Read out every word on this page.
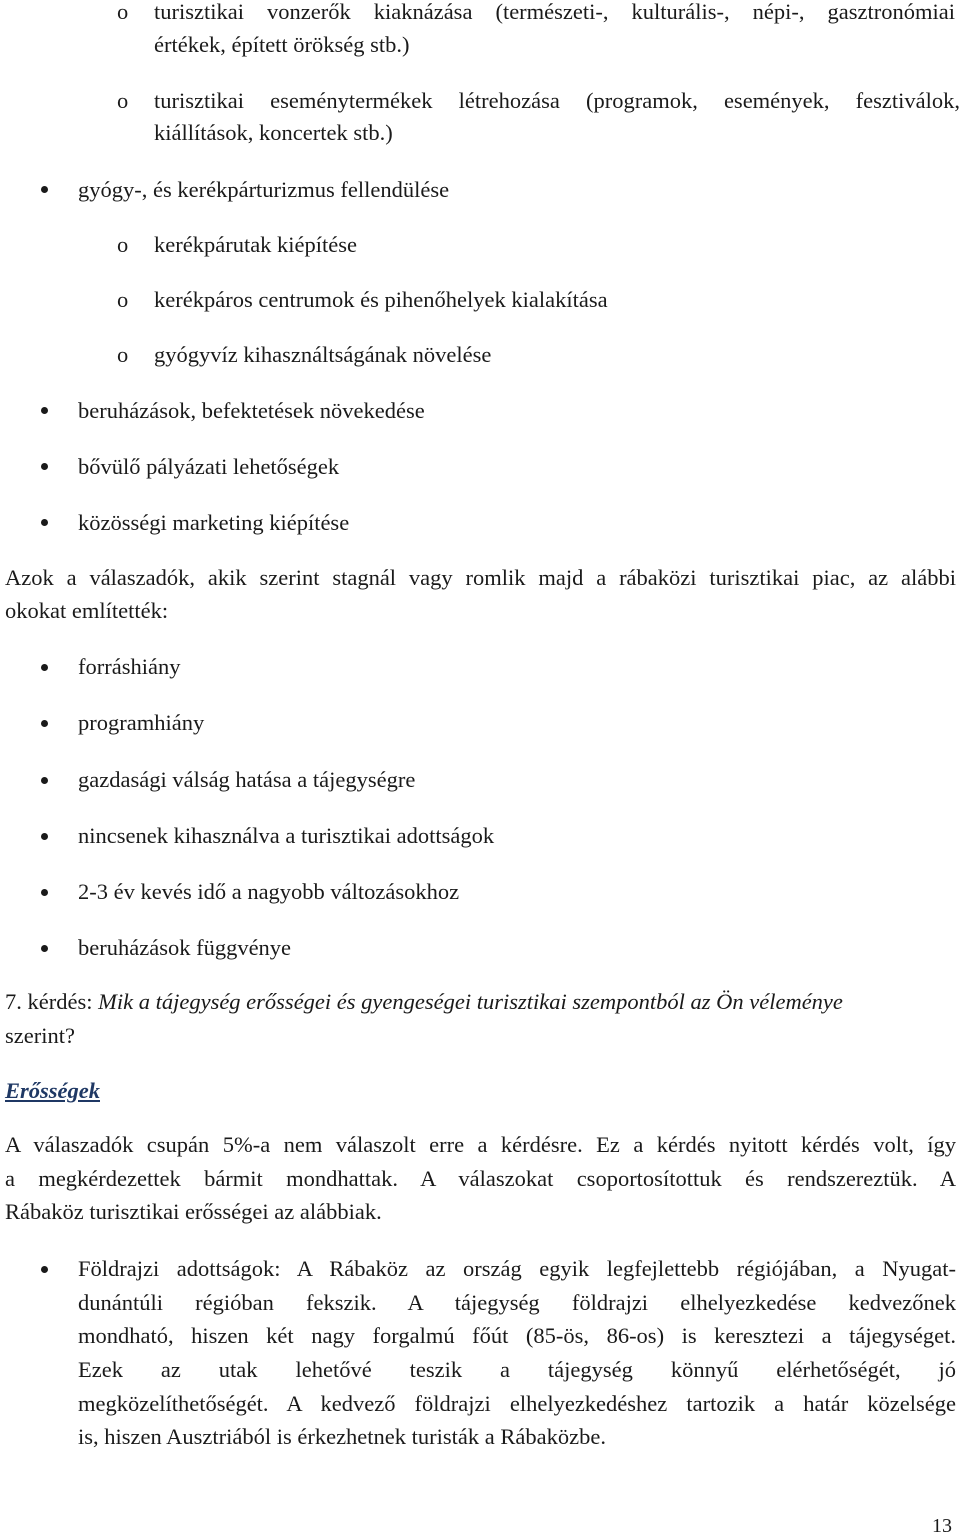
o turisztikai vonzerők kiaknázása (természeti-, kulturális-, népi-, gasztronómiai
értékek, épített örökség stb.)
o turisztikai eseménytermékek létrehozása (programok, események, fesztiválok,
kiállítások, koncertek stb.)
gyógy-, és kerékpárturizmus fellendülése
o kerékpárutak kiépítése
o kerékpáros centrumok és pihenőhelyek kialakítása
o gyógyvíz kihasználtságának növelése
beruházások, befektetések növekedése
bővülő pályázati lehetőségek
közösségi marketing kiépítése
Azok a válaszadók, akik szerint stagnál vagy romlik majd a rábaközi turisztikai piac, az alábbi
okokat említették:
forráshiány
programhiány
gazdasági válság hatása a tájegységre
nincsenek kihasználva a turisztikai adottságok
2-3 év kevés idő a nagyobb változásokhoz
beruházások függvénye
7. kérdés: Mik a tájegység erősségei és gyengeségei turisztikai szempontból az Ön véleménye
szerint?
Erősségek
A válaszadók csupán 5%-a nem válaszolt erre a kérdésre. Ez a kérdés nyitott kérdés volt, így
a megkérdezettek bármit mondhattak. A válaszokat csoportosítottuk és rendszereztük. A
Rábaköz turisztikai erősségei az alábbiak.
Földrajzi adottságok: A Rábaköz az ország egyik legfejlettebb régiójában, a Nyugat-
dunántúli régióban fekszik. A tájegység földrajzi elhelyezkedése kedvezőnek
mondható, hiszen két nagy forgalmú főút (85-ös, 86-os) is keresztezi a tájegységet.
Ezek az utak lehetővé teszik a tájegység könnyű elérhetőségét, jó
megközelíthetőségét. A kedvező földrajzi elhelyezkedéshez tartozik a határ közelsége
is, hiszen Ausztriából is érkezhetnek turisták a Rábaközbe.
13
